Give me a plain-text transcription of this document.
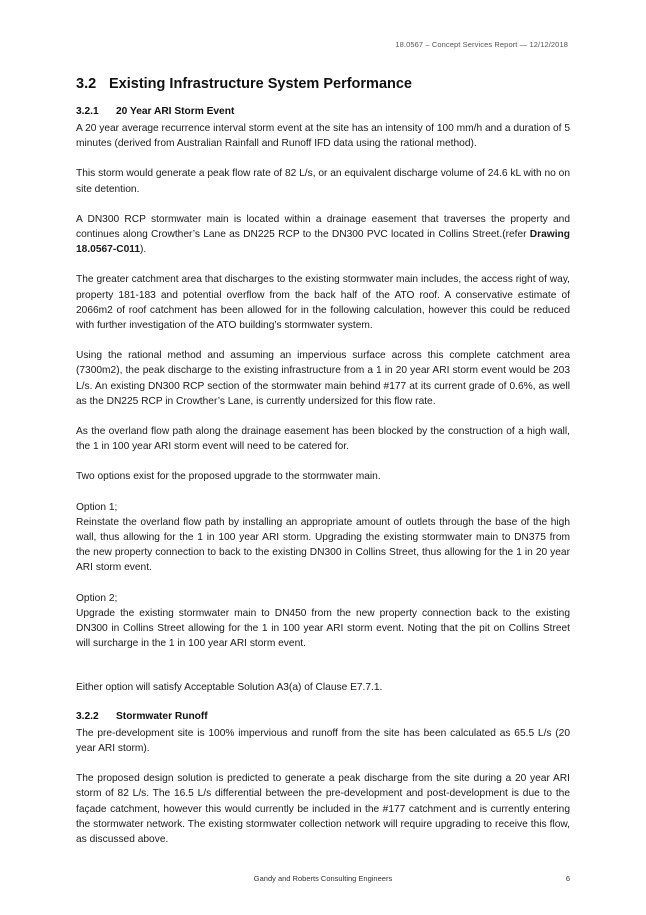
18.0567 – Concept Services Report — 12/12/2018
3.2 Existing Infrastructure System Performance
3.2.1 20 Year ARI Storm Event

A 20 year average recurrence interval storm event at the site has an intensity of 100 mm/h and a duration of 5 minutes (derived from Australian Rainfall and Runoff IFD data using the rational method).

This storm would generate a peak flow rate of 82 L/s, or an equivalent discharge volume of 24.6 kL with no on site detention.

A DN300 RCP stormwater main is located within a drainage easement that traverses the property and continues along Crowther’s Lane as DN225 RCP to the DN300 PVC located in Collins Street.(refer Drawing 18.0567-C011).

The greater catchment area that discharges to the existing stormwater main includes, the access right of way, property 181-183 and potential overflow from the back half of the ATO roof. A conservative estimate of 2066m2 of roof catchment has been allowed for in the following calculation, however this could be reduced with further investigation of the ATO building’s stormwater system.

Using the rational method and assuming an impervious surface across this complete catchment area (7300m2), the peak discharge to the existing infrastructure from a 1 in 20 year ARI storm event would be 203 L/s. An existing DN300 RCP section of the stormwater main behind #177 at its current grade of 0.6%, as well as the DN225 RCP in Crowther’s Lane, is currently undersized for this flow rate.

As the overland flow path along the drainage easement has been blocked by the construction of a high wall, the 1 in 100 year ARI storm event will need to be catered for.

Two options exist for the proposed upgrade to the stormwater main.

Option 1;

Reinstate the overland flow path by installing an appropriate amount of outlets through the base of the high wall, thus allowing for the 1 in 100 year ARI storm. Upgrading the existing stormwater main to DN375 from the new property connection to back to the existing DN300 in Collins Street, thus allowing for the 1 in 20 year ARI storm event.

Option 2;

Upgrade the existing stormwater main to DN450 from the new property connection back to the existing DN300 in Collins Street allowing for the 1 in 100 year ARI storm event. Noting that the pit on Collins Street will surcharge in the 1 in 100 year ARI storm event.

Either option will satisfy Acceptable Solution A3(a) of Clause E7.7.1.

3.2.2 Stormwater Runoff

The pre-development site is 100% impervious and runoff from the site has been calculated as 65.5 L/s (20 year ARI storm).

The proposed design solution is predicted to generate a peak discharge from the site during a 20 year ARI storm of 82 L/s. The 16.5 L/s differential between the pre-development and post-development is due to the façade catchment, however this would currently be included in the #177 catchment and is currently entering the stormwater network. The existing stormwater collection network will require upgrading to receive this flow, as discussed above.

Gandy and Roberts Consulting Engineers	6
